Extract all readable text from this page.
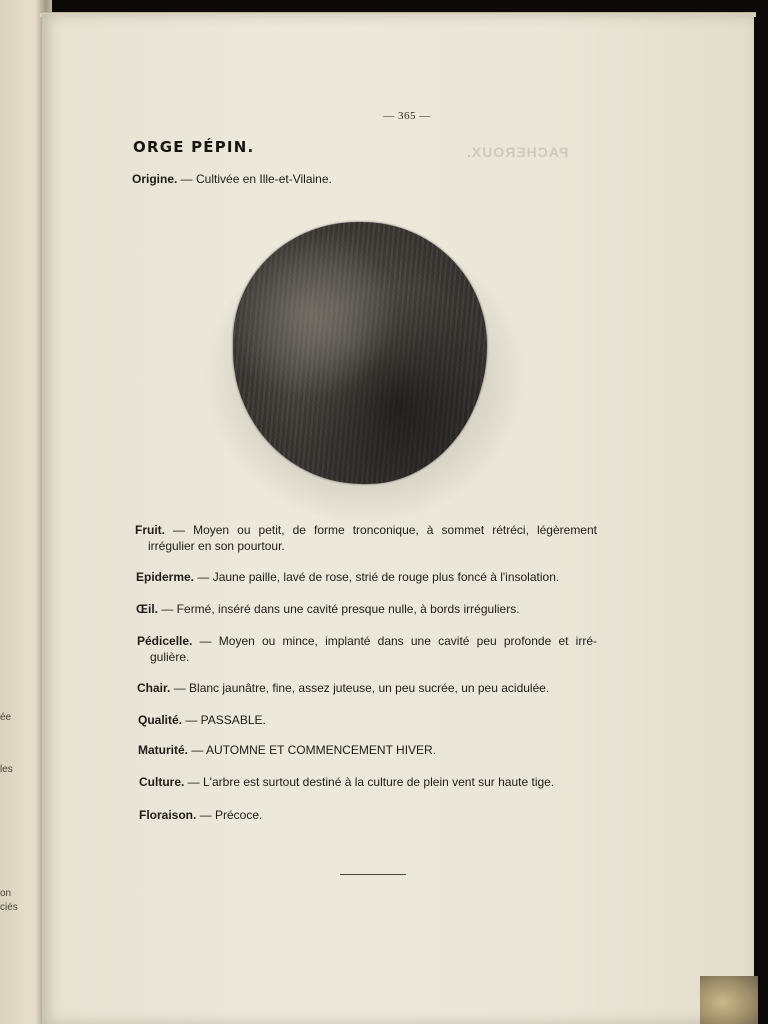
ée
les
on
ciés
— 365 —
PACHEROUX.
ORGE PÉPIN.
Origine. — Cultivée en Ille-et-Vilaine.
Fruit. — Moyen ou petit, de forme tronconique, à sommet rétréci, légèrement
irrégulier en son pourtour.
Epiderme. — Jaune paille, lavé de rose, strié de rouge plus foncé à l'insolation.
Œil. — Fermé, inséré dans une cavité presque nulle, à bords irréguliers.
Pédicelle. — Moyen ou mince, implanté dans une cavité peu profonde et irré-
gulière.
Chair. — Blanc jaunâtre, fine, assez juteuse, un peu sucrée, un peu acidulée.
Qualité. — PASSABLE.
Maturité. — AUTOMNE ET COMMENCEMENT HIVER.
Culture. — L'arbre est surtout destiné à la culture de plein vent sur haute tige.
Floraison. — Précoce.
